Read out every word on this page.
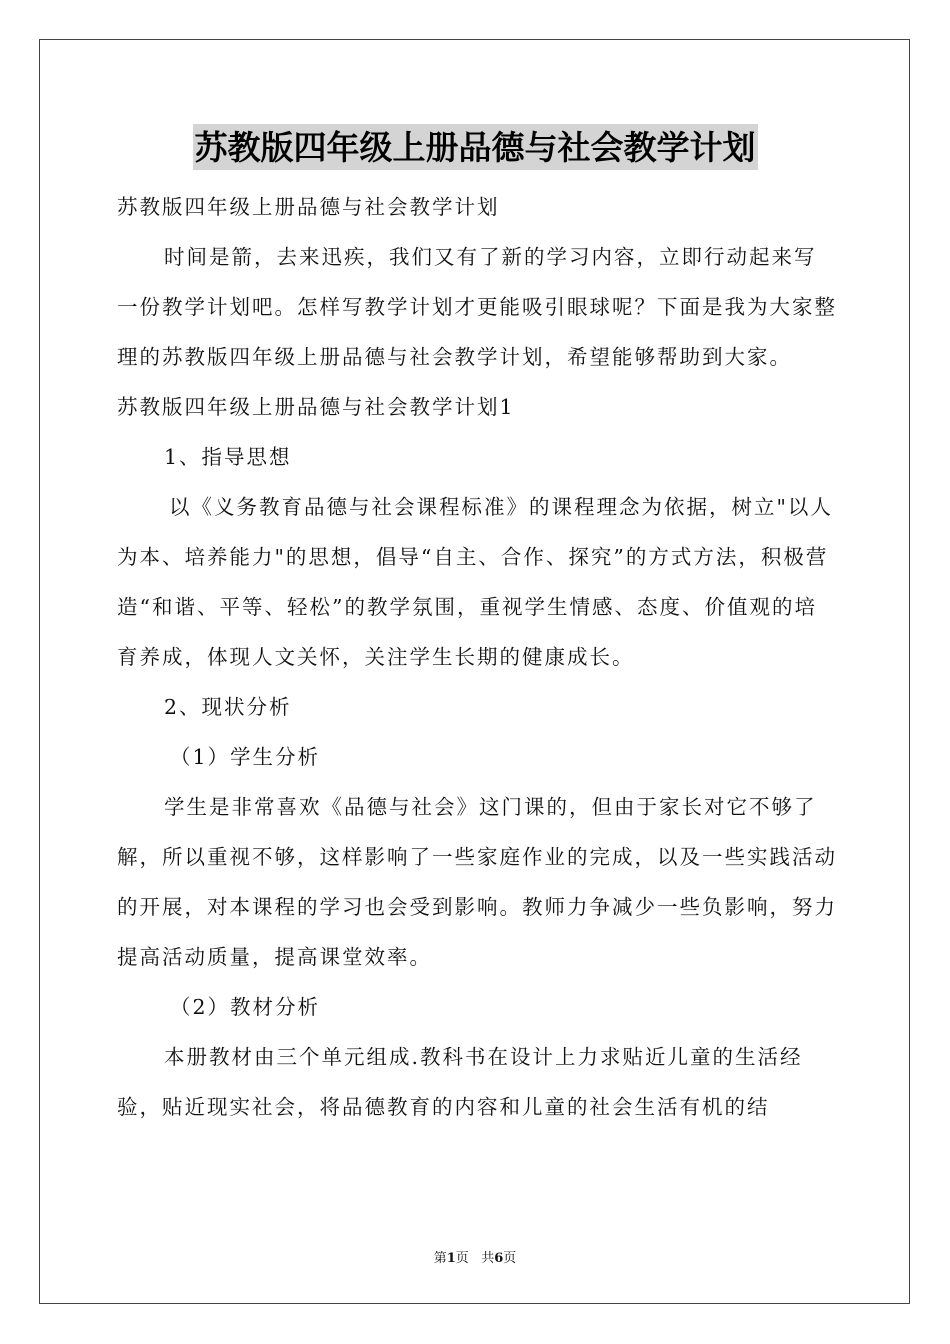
苏教版四年级上册品德与社会教学计划

苏教版四年级上册品德与社会教学计划

时间是箭，去来迅疾，我们又有了新的学习内容，立即行动起来写一份教学计划吧。怎样写教学计划才更能吸引眼球呢？下面是我为大家整理的苏教版四年级上册品德与社会教学计划，希望能够帮助到大家。

苏教版四年级上册品德与社会教学计划1

1、指导思想

以《义务教育品德与社会课程标准》的课程理念为依据，树立"以人为本、培养能力"的思想，倡导“自主、合作、探究”的方式方法，积极营造“和谐、平等、轻松”的教学氛围，重视学生情感、态度、价值观的培育养成，体现人文关怀，关注学生长期的健康成长。

2、现状分析

（1）学生分析

学生是非常喜欢《品德与社会》这门课的，但由于家长对它不够了解，所以重视不够，这样影响了一些家庭作业的完成，以及一些实践活动的开展，对本课程的学习也会受到影响。教师力争减少一些负影响，努力提高活动质量，提高课堂效率。

（2）教材分析

本册教材由三个单元组成.教科书在设计上力求贴近儿童的生活经验，贴近现实社会，将品德教育的内容和儿童的社会生活有机的结

第1页 共6页
